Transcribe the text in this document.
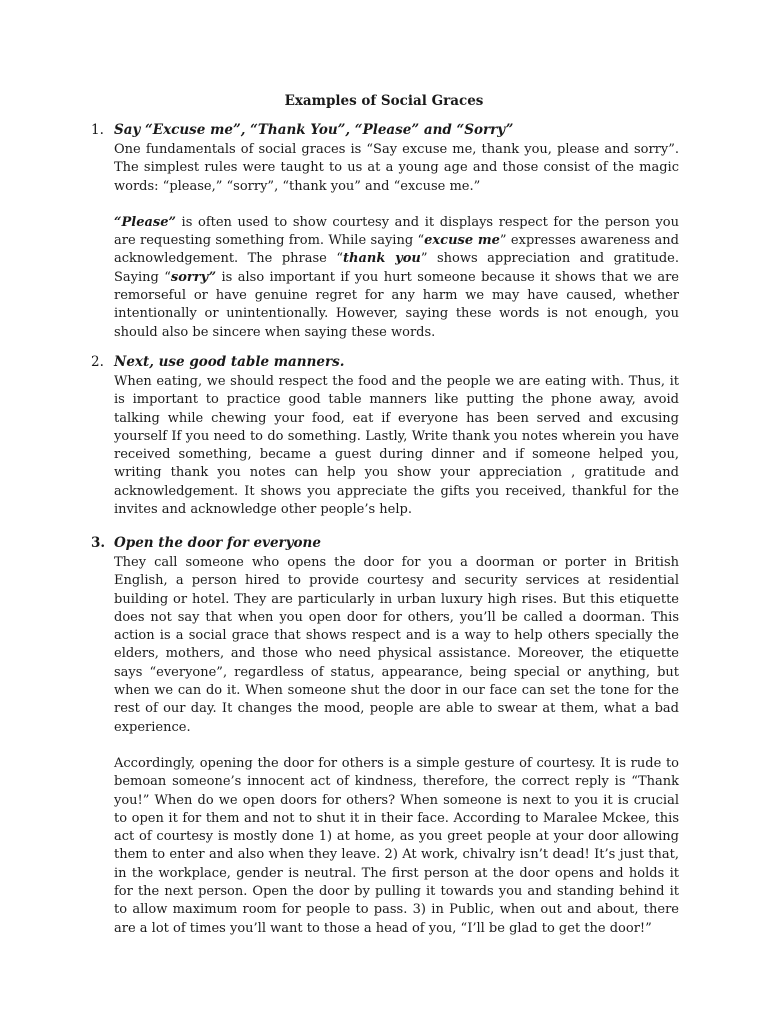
Examples of Social Graces
1. Say “Excuse me”, “Thank You”, “Please” and “Sorry”

One fundamentals of social graces is “Say excuse me, thank you, please and sorry”. The simplest rules were taught to us at a young age and those consist of the magic words: “please,” “sorry”, “thank you” and “excuse me.”

“Please” is often used to show courtesy and it displays respect for the person you are requesting something from. While saying “excuse me” expresses awareness and acknowledgement. The phrase “thank you” shows appreciation and gratitude. Saying “sorry” is also important if you hurt someone because it shows that we are remorseful or have genuine regret for any harm we may have caused, whether intentionally or unintentionally. However, saying these words is not enough, you should also be sincere when saying these words.

2. Next, use good table manners.

When eating, we should respect the food and the people we are eating with. Thus, it is important to practice good table manners like putting the phone away, avoid talking while chewing your food, eat if everyone has been served and excusing yourself If you need to do something. Lastly, Write thank you notes wherein you have received something, became a guest during dinner and if someone helped you, writing thank you notes can help you show your appreciation , gratitude and acknowledgement. It shows you appreciate the gifts you received, thankful for the invites and acknowledge other people’s help.

3. Open the door for everyone

They call someone who opens the door for you a doorman or porter in British English, a person hired to provide courtesy and security services at residential building or hotel. They are particularly in urban luxury high rises. But this etiquette does not say that when you open door for others, you’ll be called a doorman. This action is a social grace that shows respect and is a way to help others specially the elders, mothers, and those who need physical assistance. Moreover, the etiquette says “everyone”, regardless of status, appearance, being special or anything, but when we can do it. When someone shut the door in our face can set the tone for the rest of our day. It changes the mood, people are able to swear at them, what a bad experience.

Accordingly, opening the door for others is a simple gesture of courtesy. It is rude to bemoan someone’s innocent act of kindness, therefore, the correct reply is “Thank you!” When do we open doors for others? When someone is next to you it is crucial to open it for them and not to shut it in their face. According to Maralee Mckee, this act of courtesy is mostly done 1) at home, as you greet people at your door allowing them to enter and also when they leave. 2) At work, chivalry isn’t dead! It’s just that, in the workplace, gender is neutral. The first person at the door opens and holds it for the next person. Open the door by pulling it towards you and standing behind it to allow maximum room for people to pass. 3) in Public, when out and about, there are a lot of times you’ll want to those a head of you, “I’ll be glad to get the door!”
